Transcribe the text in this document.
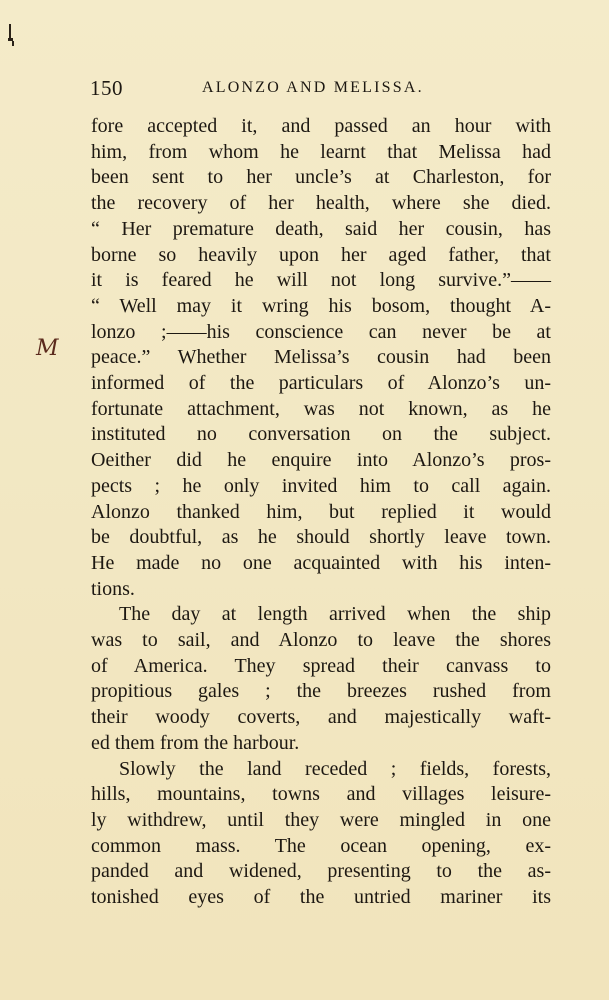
150	ALONZO AND MELISSA.
M
fore accepted it, and passed an hour with
him, from whom he learnt that Melissa had
been sent to her uncle’s at Charleston, for
the recovery of her health, where she died.
“ Her premature death, said her cousin, has
borne so heavily upon her aged father, that
it is feared he will not long survive.”——
“ Well may it wring his bosom, thought A-
lonzo ;——his conscience can never be at
peace.” Whether Melissa’s cousin had been
informed of the particulars of Alonzo’s un-
fortunate attachment, was not known, as he
instituted no conversation on the subject.
Oeither did he enquire into Alonzo’s pros-
pects ; he only invited him to call again.
Alonzo thanked him, but replied it would
be doubtful, as he should shortly leave town.
He made no one acquainted with his inten-
tions.
The day at length arrived when the ship
was to sail, and Alonzo to leave the shores
of America. They spread their canvass to
propitious gales ; the breezes rushed from
their woody coverts, and majestically waft-
ed them from the harbour.
Slowly the land receded ; fields, forests,
hills, mountains, towns and villages leisure-
ly withdrew, until they were mingled in one
common mass. The ocean opening, ex-
panded and widened, presenting to the as-
tonished eyes of the untried mariner its
